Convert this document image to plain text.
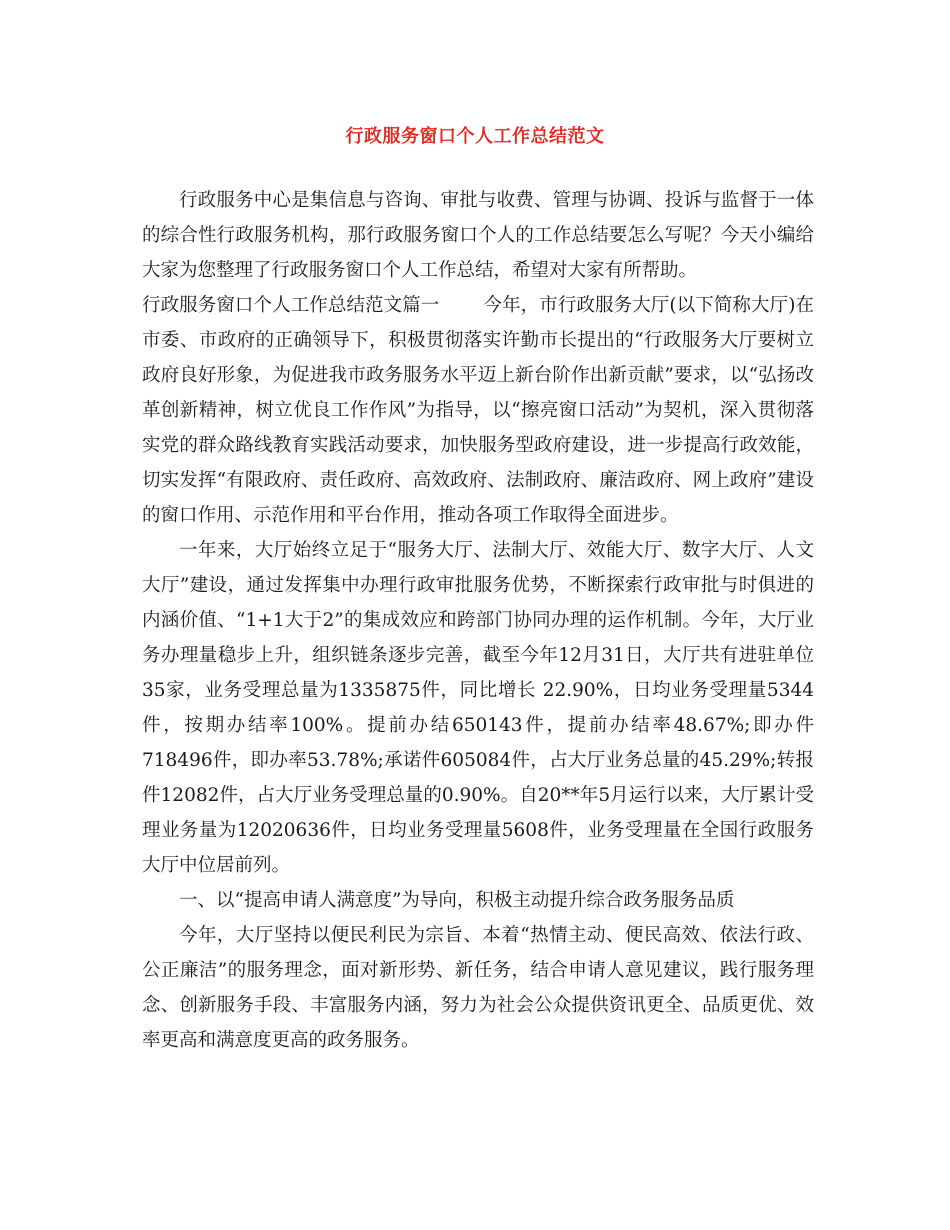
行政服务窗口个人工作总结范文

行政服务中心是集信息与咨询、审批与收费、管理与协调、投诉与监督于一体的综合性行政服务机构，那行政服务窗口个人的工作总结要怎么写呢？今天小编给大家为您整理了行政服务窗口个人工作总结，希望对大家有所帮助。

行政服务窗口个人工作总结范文篇一 今年，市行政服务大厅(以下简称大厅)在市委、市政府的正确领导下，积极贯彻落实许勤市长提出的“行政服务大厅要树立政府良好形象，为促进我市政务服务水平迈上新台阶作出新贡献”要求，以“弘扬改革创新精神，树立优良工作作风”为指导，以“擦亮窗口活动”为契机，深入贯彻落实党的群众路线教育实践活动要求，加快服务型政府建设，进一步提高行政效能，切实发挥“有限政府、责任政府、高效政府、法制政府、廉洁政府、网上政府”建设的窗口作用、示范作用和平台作用，推动各项工作取得全面进步。

一年来，大厅始终立足于“服务大厅、法制大厅、效能大厅、数字大厅、人文大厅”建设，通过发挥集中办理行政审批服务优势，不断探索行政审批与时俱进的内涵价值、“1+1大于2”的集成效应和跨部门协同办理的运作机制。今年，大厅业务办理量稳步上升，组织链条逐步完善，截至今年12月31日，大厅共有进驻单位35家，业务受理总量为1335875件，同比增长 22.90%，日均业务受理量5344件，按期办结率100%。提前办结650143件，提前办结率48.67%;即办件718496件，即办率53.78%;承诺件605084件，占大厅业务总量的45.29%;转报件12082件，占大厅业务受理总量的0.90%。自20**年5月运行以来，大厅累计受理业务量为12020636件，日均业务受理量5608件，业务受理量在全国行政服务大厅中位居前列。

一、以“提高申请人满意度”为导向，积极主动提升综合政务服务品质

今年，大厅坚持以便民利民为宗旨、本着“热情主动、便民高效、依法行政、公正廉洁”的服务理念，面对新形势、新任务，结合申请人意见建议，践行服务理念、创新服务手段、丰富服务内涵，努力为社会公众提供资讯更全、品质更优、效率更高和满意度更高的政务服务。
